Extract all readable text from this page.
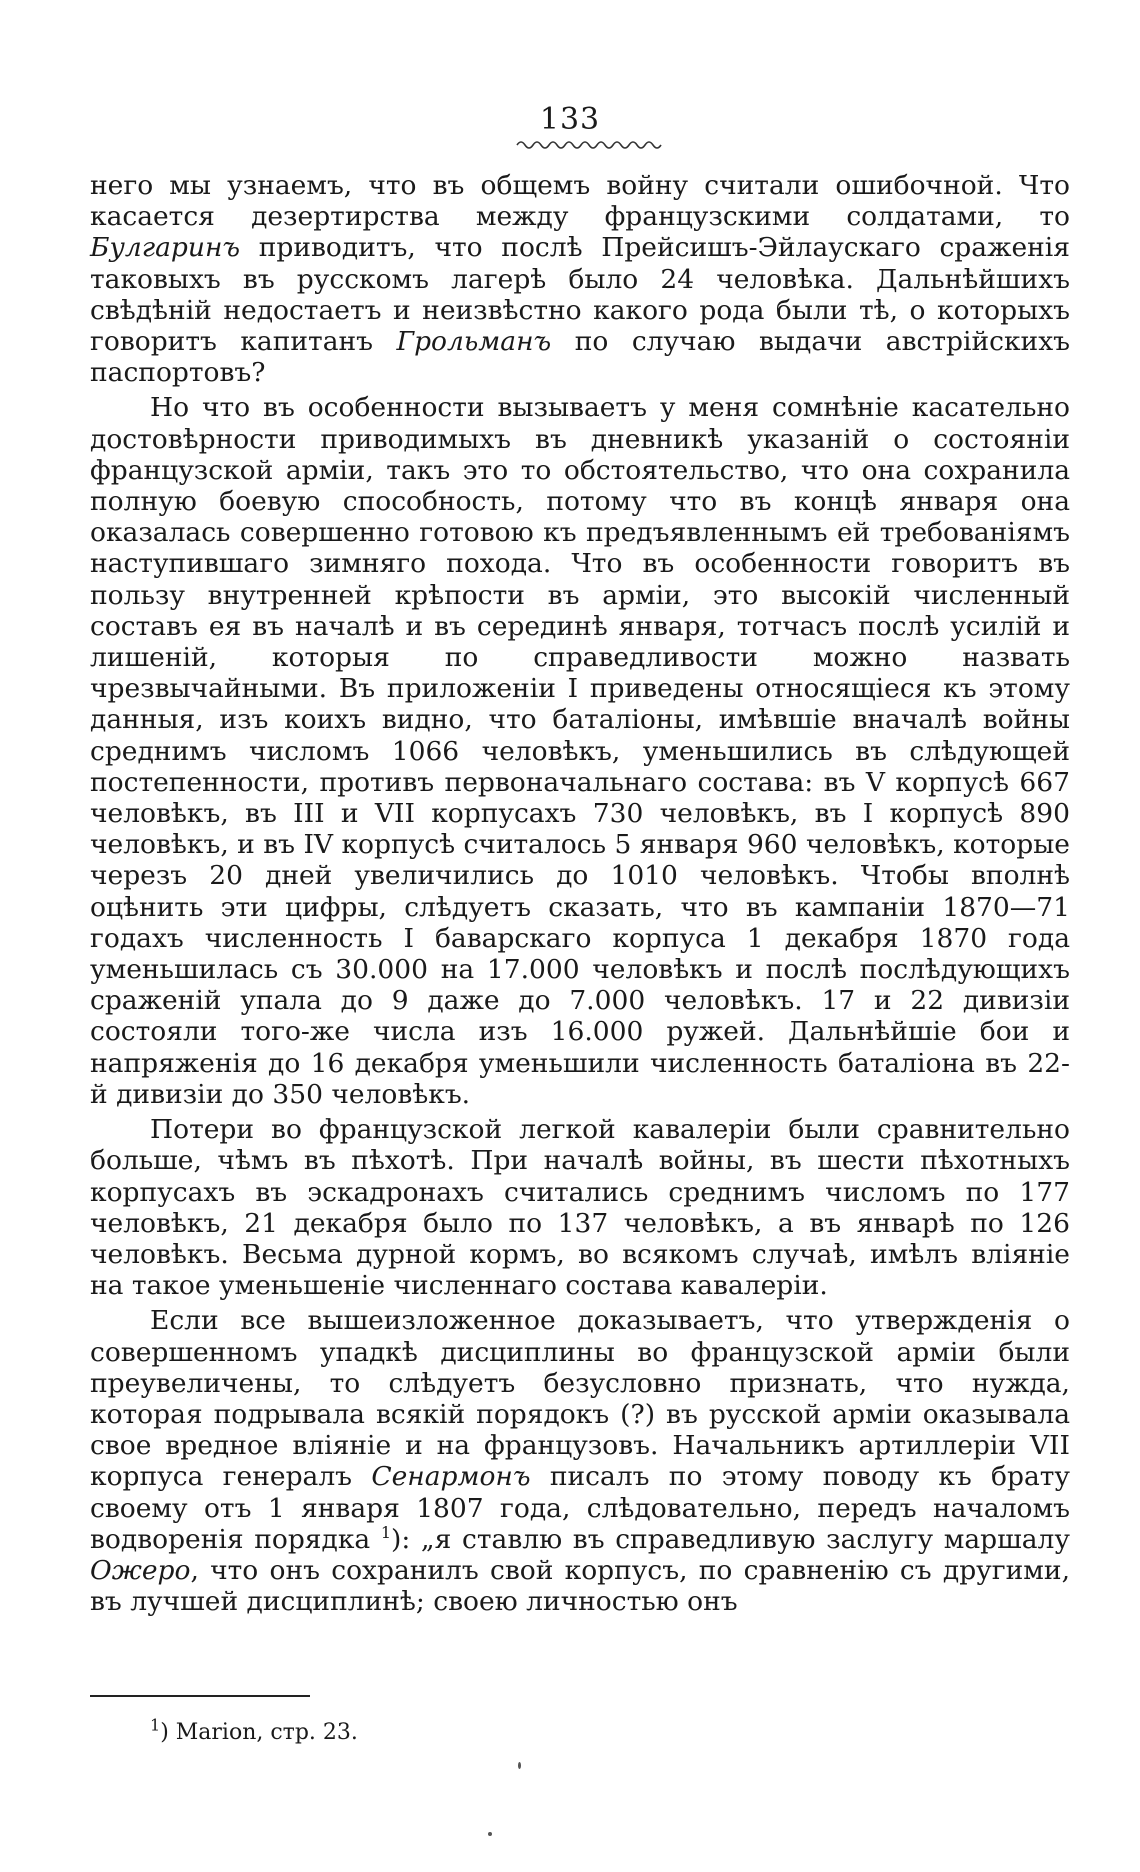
133

него мы узнаемъ, что въ общемъ войну считали ошибочной. Что касается дезертирства между французскими солдатами, то Булгаринъ приводитъ, что послѣ Прейсишъ-Эйлаускаго сраженія таковыхъ въ русскомъ лагерѣ было 24 человѣка. Дальнѣйшихъ свѣдѣній недостаетъ и неизвѣстно какого рода были тѣ, о которыхъ говоритъ капитанъ Грольманъ по случаю выдачи австрійскихъ паспортовъ?

Но что въ особенности вызываетъ у меня сомнѣніе касательно достовѣрности приводимыхъ въ дневникѣ указаній о состояніи французской арміи, такъ это то обстоятельство, что она сохранила полную боевую способность, потому что въ концѣ января она оказалась совершенно готовою къ предъявленнымъ ей требованіямъ наступившаго зимняго похода. Что въ особенности говоритъ въ пользу внутренней крѣпости въ арміи, это высокій численный составъ ея въ началѣ и въ серединѣ января, тотчасъ послѣ усилій и лишеній, которыя по справедливости можно назвать чрезвычайными. Въ приложеніи I приведены относящіеся къ этому данныя, изъ коихъ видно, что баталіоны, имѣвшіе вначалѣ войны среднимъ числомъ 1066 человѣкъ, уменьшились въ слѣдующей постепенности, противъ первоначальнаго состава: въ V корпусѣ 667 человѣкъ, въ III и VII корпусахъ 730 человѣкъ, въ I корпусѣ 890 человѣкъ, и въ IV корпусѣ считалось 5 января 960 человѣкъ, которые черезъ 20 дней увеличились до 1010 человѣкъ. Чтобы вполнѣ оцѣнить эти цифры, слѣдуетъ сказать, что въ кампаніи 1870—71 годахъ численность I баварскаго корпуса 1 декабря 1870 года уменьшилась съ 30.000 на 17.000 человѣкъ и послѣ послѣдующихъ сраженій упала до 9 даже до 7.000 человѣкъ. 17 и 22 дивизіи состояли того-же числа изъ 16.000 ружей. Дальнѣйшіе бои и напряженія до 16 декабря уменьшили численность баталіона въ 22-й дивизіи до 350 человѣкъ.

Потери во французской легкой кавалеріи были сравнительно больше, чѣмъ въ пѣхотѣ. При началѣ войны, въ шести пѣхотныхъ корпусахъ въ эскадронахъ считались среднимъ числомъ по 177 человѣкъ, 21 декабря было по 137 человѣкъ, а въ январѣ по 126 человѣкъ. Весьма дурной кормъ, во всякомъ случаѣ, имѣлъ вліяніе на такое уменьшеніе численнаго состава кавалеріи.

Если все вышеизложенное доказываетъ, что утвержденія о совершенномъ упадкѣ дисциплины во французской арміи были преувеличены, то слѣдуетъ безусловно признать, что нужда, которая подрывала всякій порядокъ (?) въ русской арміи оказывала свое вредное вліяніе и на французовъ. Начальникъ артиллеріи VII корпуса генералъ Сенармонъ писалъ по этому поводу къ брату своему отъ 1 января 1807 года, слѣдовательно, передъ началомъ водворенія порядка $^1$): „я ставлю въ справедливую заслугу маршалу Ожеро, что онъ сохранилъ свой корпусъ, по сравненію съ другими, въ лучшей дисциплинѣ; своею личностью онъ

$^1$) Marion, стр. 23.
